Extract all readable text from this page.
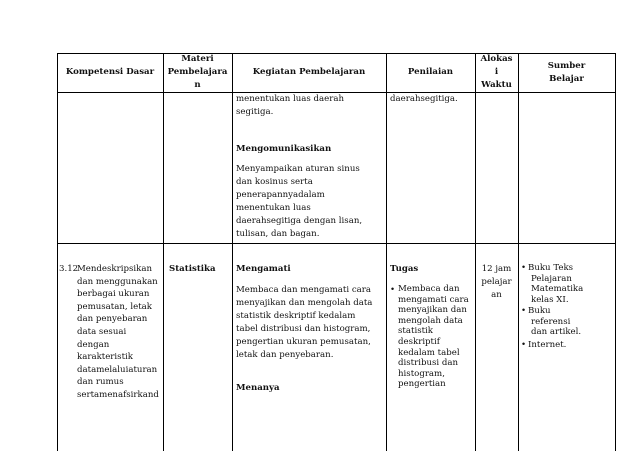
Kompetensi Dasar
Materi
Pembelajara
n
Kegiatan Pembelajaran	Penilaian
Alokas
i
Waktu
Sumber
Belajar
menentukan luas daerah
segitiga.
Mengomunikasikan
Menyampaikan aturan sinus
dan kosinus serta
penerapannyadalam
menentukan luas
daerahsegitiga dengan lisan,
tulisan, dan bagan.
daerahsegitiga.
3.12
Mendeskripsikan
dan menggunakan
berbagai ukuran
pemusatan, letak
dan penyebaran
data sesuai
dengan
karakteristik
datamelaluiaturan
dan rumus
sertamenafsirkand
Statistika Mengamati
Membaca dan mengamati cara
menyajikan dan mengolah data
statistik deskriptif kedalam
tabel distribusi dan histogram,
pengertian ukuran pemusatan,
letak dan penyebaran.
Menanya
Tugas
• Membaca dan
mengamati cara
menyajikan dan
mengolah data
statistik
deskriptif
kedalam tabel
distribusi dan
histogram,
pengertian
12 jam
pelajar
an
• Buku Teks
Pelajaran
Matematika
kelas XI.
• Buku
referensi
dan artikel.
• Internet.
